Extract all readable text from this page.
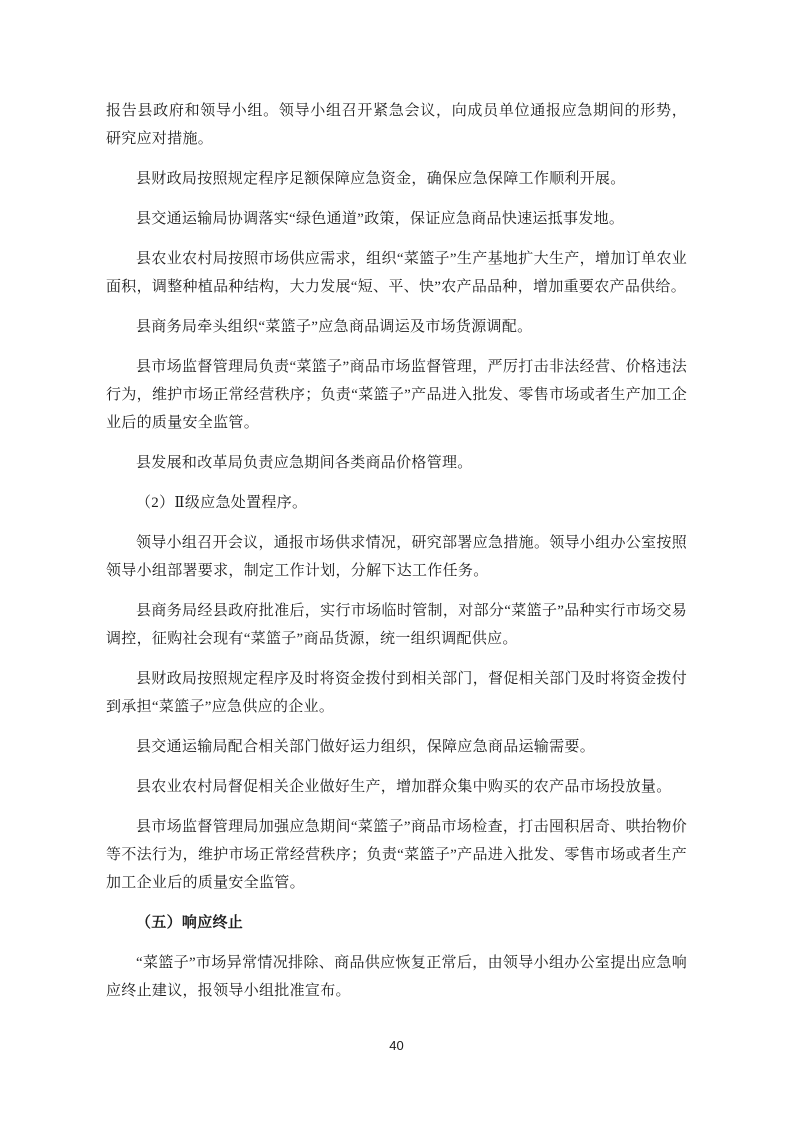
报告县政府和领导小组。领导小组召开紧急会议，向成员单位通报应急期间的形势，研究应对措施。

县财政局按照规定程序足额保障应急资金，确保应急保障工作顺利开展。

县交通运输局协调落实“绿色通道”政策，保证应急商品快速运抵事发地。

县农业农村局按照市场供应需求，组织“菜篮子”生产基地扩大生产，增加订单农业面积，调整种植品种结构，大力发展“短、平、快”农产品品种，增加重要农产品供给。

县商务局牵头组织“菜篮子”应急商品调运及市场货源调配。

县市场监督管理局负责“菜篮子”商品市场监督管理，严厉打击非法经营、价格违法行为，维护市场正常经营秩序；负责“菜篮子”产品进入批发、零售市场或者生产加工企业后的质量安全监管。

县发展和改革局负责应急期间各类商品价格管理。

（2）Ⅱ级应急处置程序。

领导小组召开会议，通报市场供求情况，研究部署应急措施。领导小组办公室按照领导小组部署要求，制定工作计划，分解下达工作任务。

县商务局经县政府批准后，实行市场临时管制，对部分“菜篮子”品种实行市场交易调控，征购社会现有“菜篮子”商品货源，统一组织调配供应。

县财政局按照规定程序及时将资金拨付到相关部门，督促相关部门及时将资金拨付到承担“菜篮子”应急供应的企业。

县交通运输局配合相关部门做好运力组织，保障应急商品运输需要。

县农业农村局督促相关企业做好生产，增加群众集中购买的农产品市场投放量。

县市场监督管理局加强应急期间“菜篮子”商品市场检查，打击囤积居奇、哄抬物价等不法行为，维护市场正常经营秩序；负责“菜篮子”产品进入批发、零售市场或者生产加工企业后的质量安全监管。

（五）响应终止

“菜篮子”市场异常情况排除、商品供应恢复正常后，由领导小组办公室提出应急响应终止建议，报领导小组批准宣布。

40
